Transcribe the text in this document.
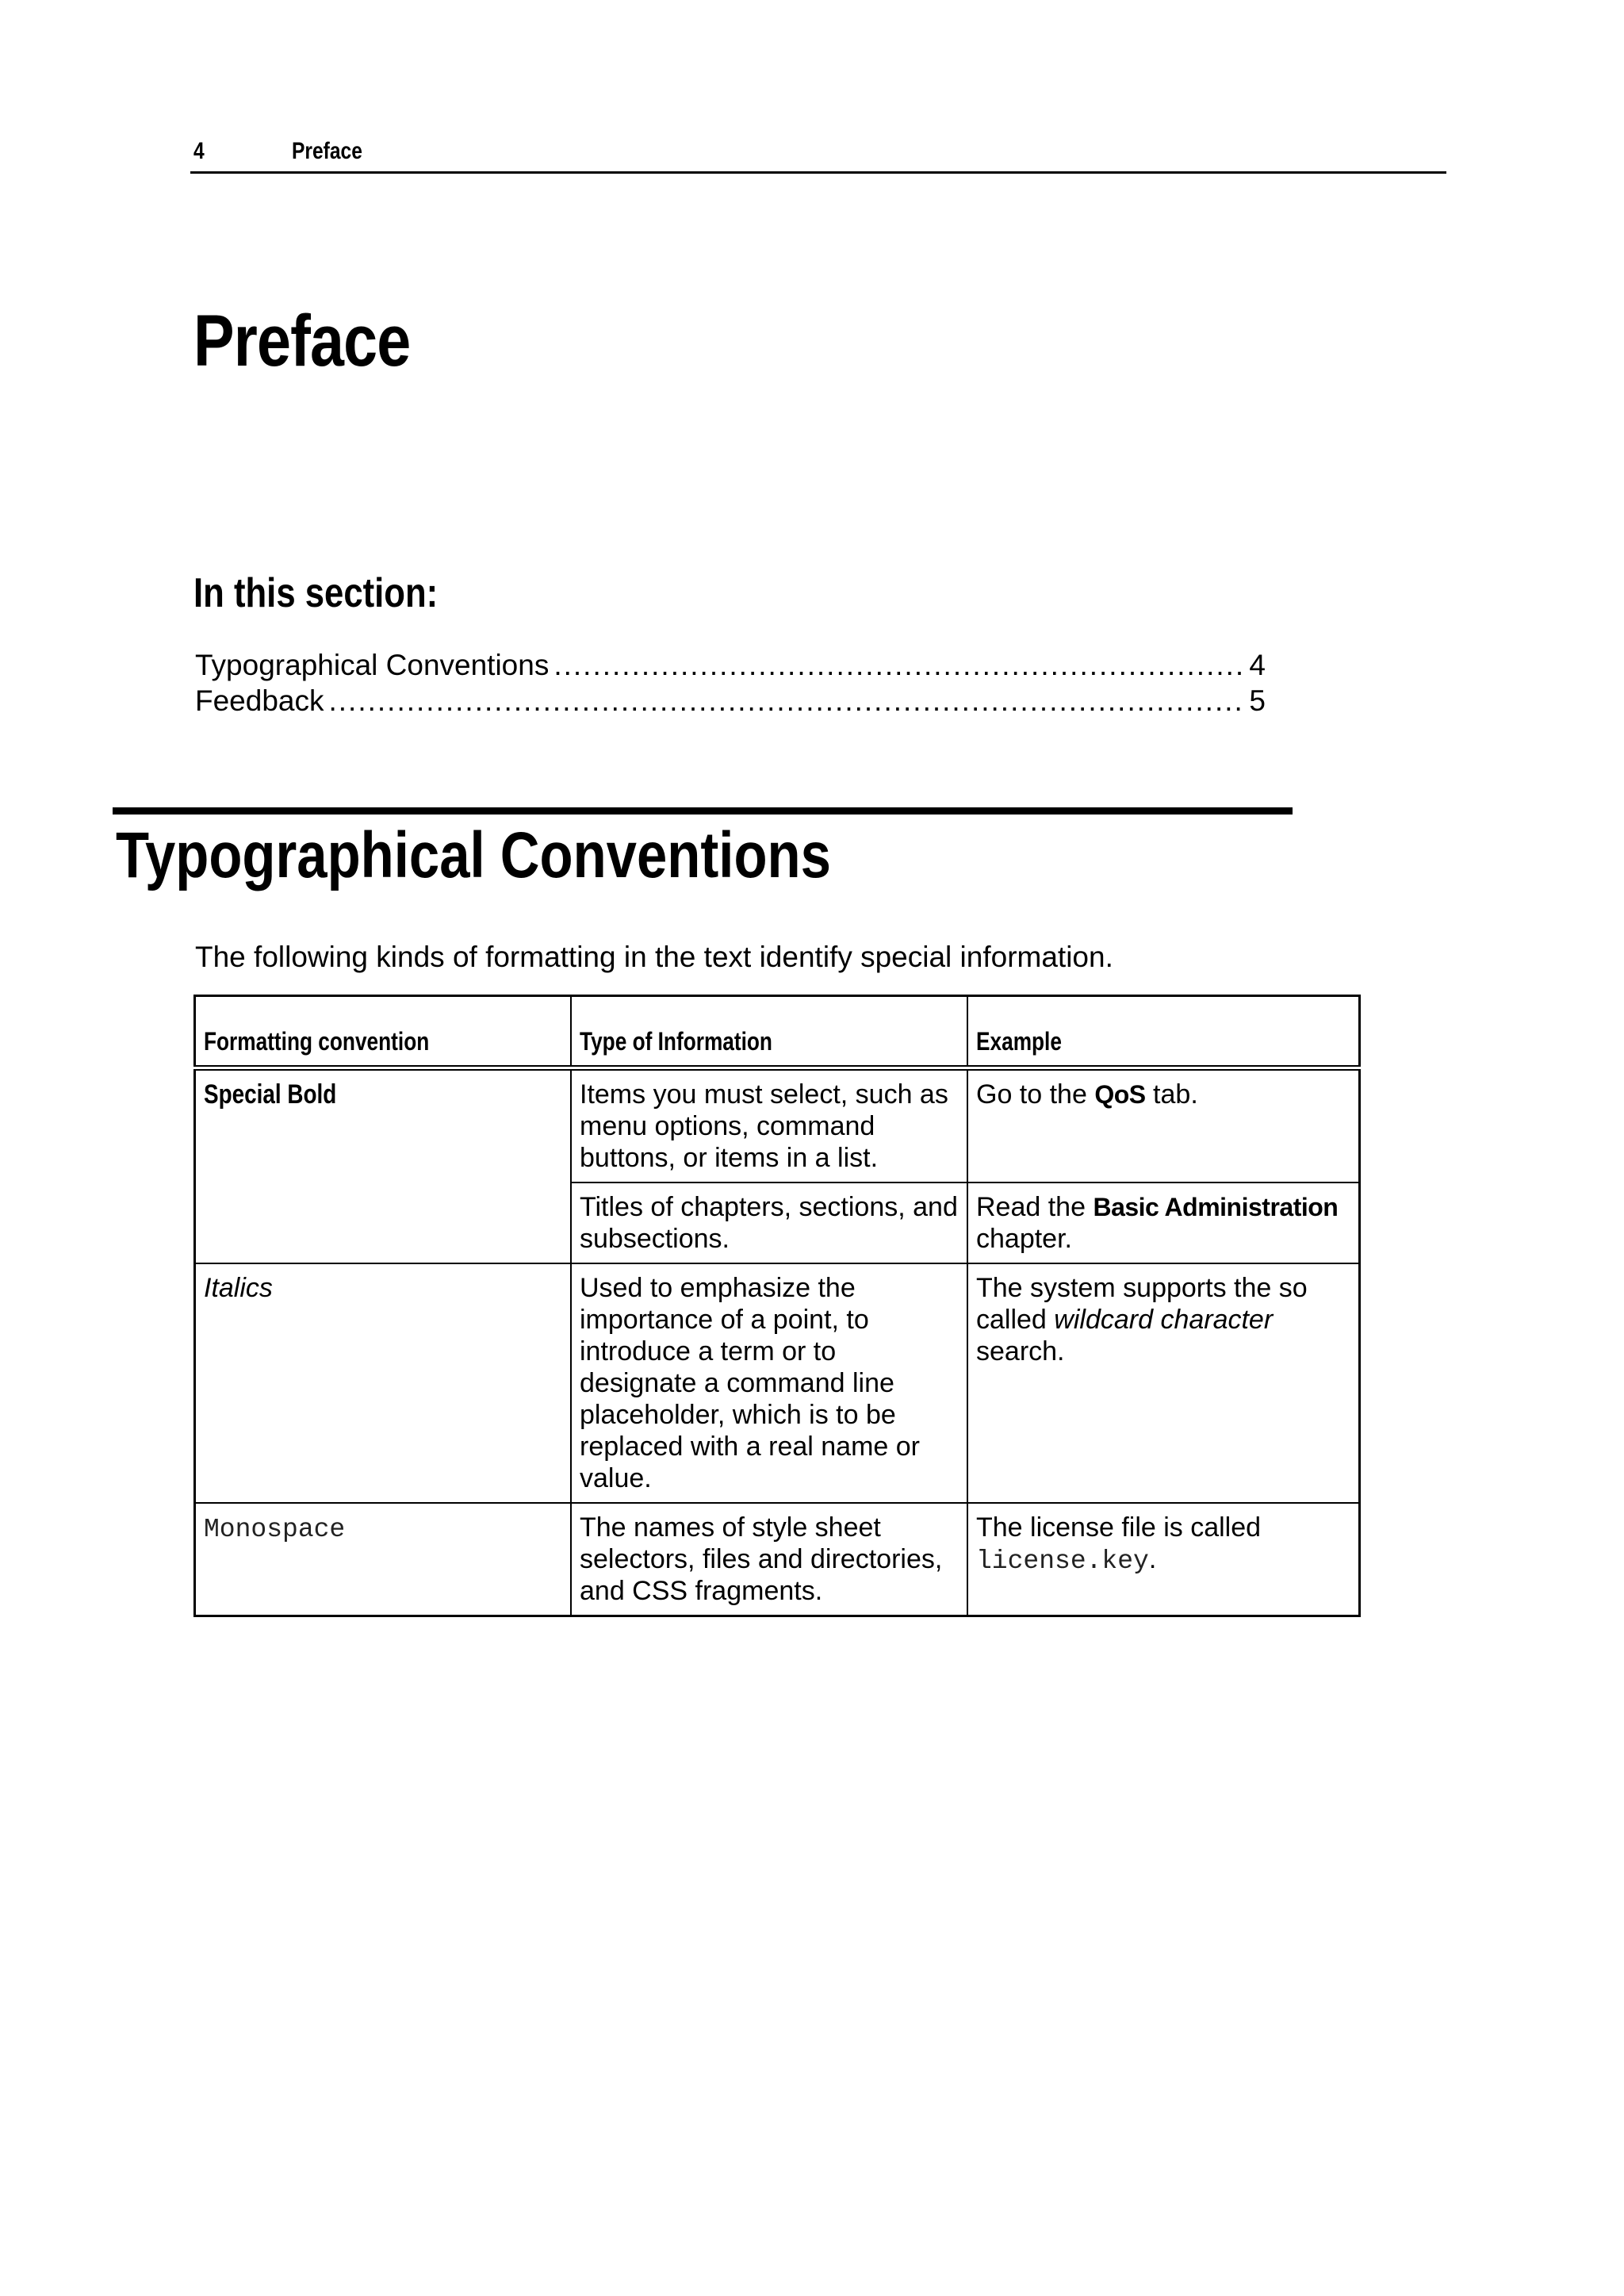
4	Preface
Preface
In this section:
Typographical Conventions .....	4
Feedback .....	5
Typographical Conventions

The following kinds of formatting in the text identify special information.

Formatting convention	Type of Information	Example
Special Bold	Items you must select, such as menu options, command buttons, or items in a list.	Go to the QoS tab.
	Titles of chapters, sections, and subsections.	Read the Basic Administration chapter.
Italics	Used to emphasize the importance of a point, to introduce a term or to designate a command line placeholder, which is to be replaced with a real name or value.	The system supports the so called wildcard character search.
Monospace	The names of style sheet selectors, files and directories, and CSS fragments.	The license file is called license.key.
